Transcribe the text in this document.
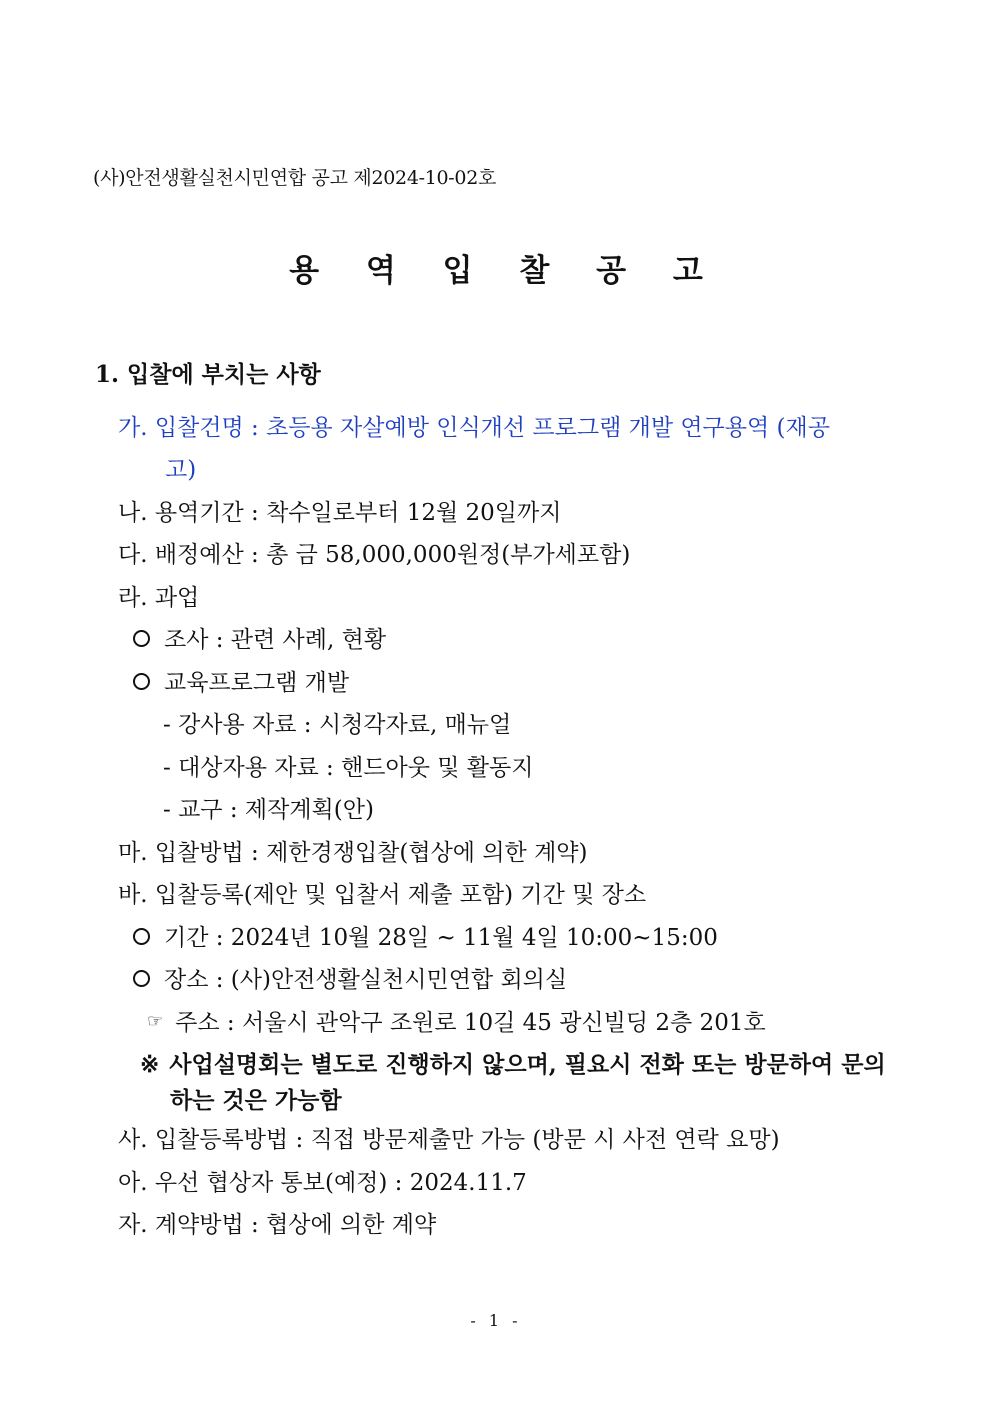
(사)안전생활실천시민연합 공고 제2024-10-02호
용 역 입 찰 공 고
1. 입찰에 부치는 사항
가. 입찰건명 : 초등용 자살예방 인식개선 프로그램 개발 연구용역 (재공
고)
나. 용역기간 : 착수일로부터 12월 20일까지
다. 배정예산 : 총 금 58,000,000원정(부가세포함)
라. 과업
조사 : 관련 사례, 현황
교육프로그램 개발
- 강사용 자료 : 시청각자료, 매뉴얼
- 대상자용 자료 : 핸드아웃 및 활동지
- 교구 : 제작계획(안)
마. 입찰방법 : 제한경쟁입찰(협상에 의한 계약)
바. 입찰등록(제안 및 입찰서 제출 포함) 기간 및 장소
기간 : 2024년 10월 28일 ~ 11월 4일 10:00~15:00
장소 : (사)안전생활실천시민연합 회의실
☞ 주소 : 서울시 관악구 조원로 10길 45 광신빌딩 2층 201호
※ 사업설명회는 별도로 진행하지 않으며, 필요시 전화 또는 방문하여 문의
하는 것은 가능함
사. 입찰등록방법 : 직접 방문제출만 가능 (방문 시 사전 연락 요망)
아. 우선 협상자 통보(예정) : 2024.11.7
자. 계약방법 : 협상에 의한 계약
- 1 -
